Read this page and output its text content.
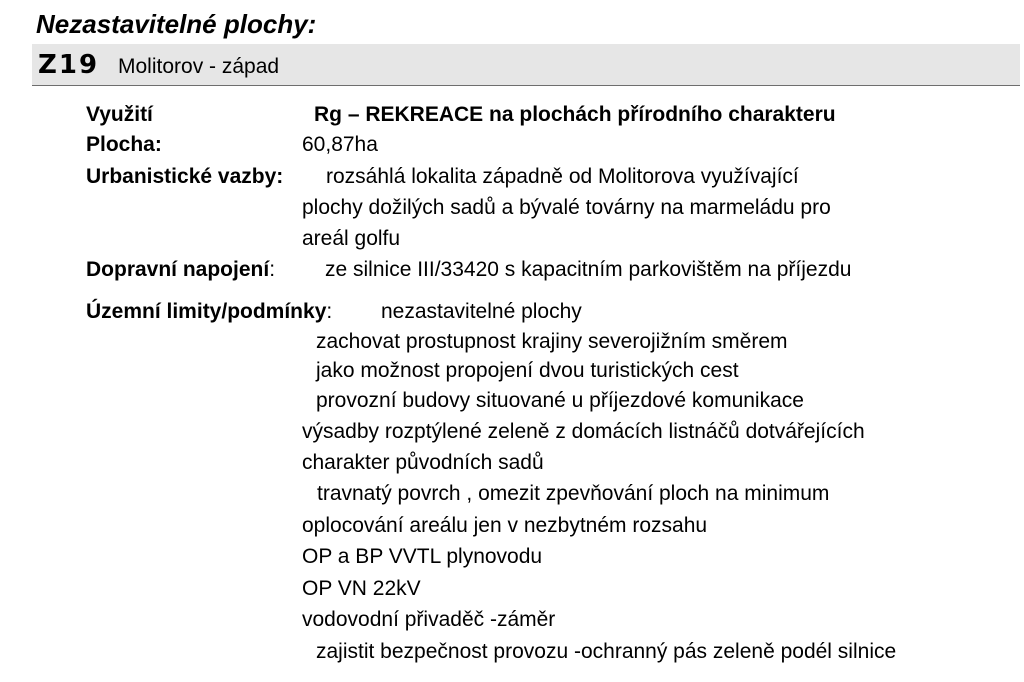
Nezastavitelné plochy:
Z19 Molitorov - západ
Využití	Rg – REKREACE na plochách přírodního charakteru
Plocha:	60,87ha
Urbanistické vazby: rozsáhlá lokalita západně od Molitorova využívající
plochy dožilých sadů a bývalé továrny na marmeládu pro
areál golfu
Dopravní napojení: ze silnice III/33420 s kapacitním parkovištěm na příjezdu
Územní limity/podmínky: nezastavitelné plochy
zachovat prostupnost krajiny severojižním směrem
jako možnost propojení dvou turistických cest
provozní budovy situované u příjezdové komunikace
výsadby rozptýlené zeleně z domácích listnáčů dotvářejících
charakter původních sadů
travnatý povrch , omezit zpevňování ploch na minimum
oplocování areálu jen v nezbytném rozsahu
OP a BP VVTL plynovodu
OP VN 22kV
vodovodní přivaděč -záměr
zajistit bezpečnost provozu -ochranný pás zeleně podél silnice
